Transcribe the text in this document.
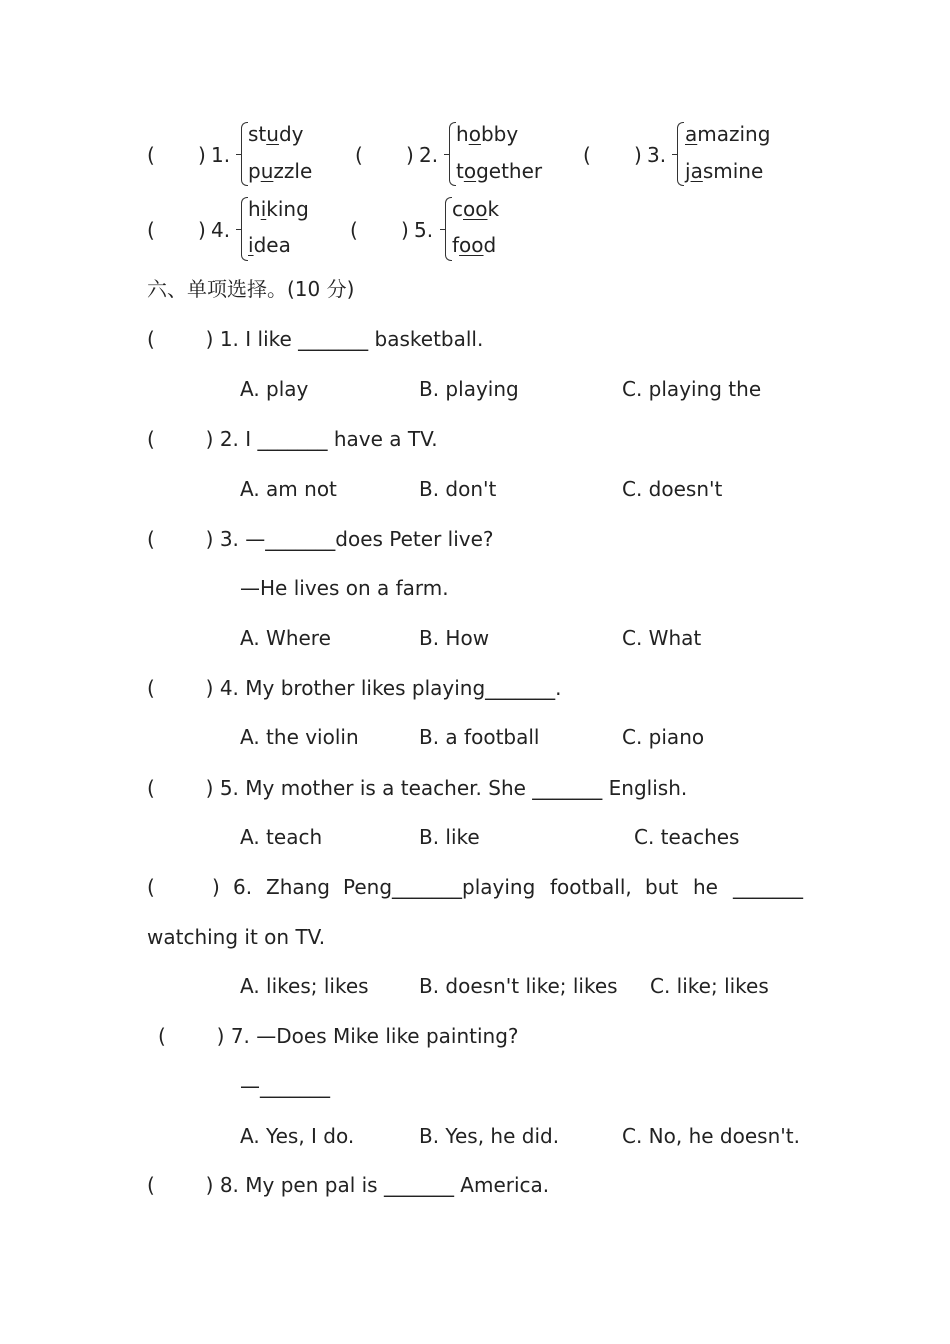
( ) 1.
study
puzzle
( ) 2.
hobby
together
( ) 3.
amazing
jasmine
( ) 4.
hiking
idea
( ) 5.
cook
food
六、单项选择。(10 分)
(        ) 1. I like _______ basketball.
A. play	B. playing	C. playing the
(        ) 2. I _______ have a TV.
A. am not	B. don't	C. doesn't
(        ) 3. —_______does Peter live?
—He lives on a farm.
A. Where	B. How	C. What
(        ) 4. My brother likes playing_______.
A. the violin	B. a football	C. piano
(        ) 5. My mother is a teacher. She _______ English.
A. teach	B. like	C. teaches
(	) 6. Zhang Peng_______playing football, but he _______
watching it on TV.
A. likes; likes	B. doesn't like; likes C. like; likes
(        ) 7. —Does Mike like painting?
—_______
A. Yes, I do.	B. Yes, he did.	C. No, he doesn't.
(        ) 8. My pen pal is _______ America.
